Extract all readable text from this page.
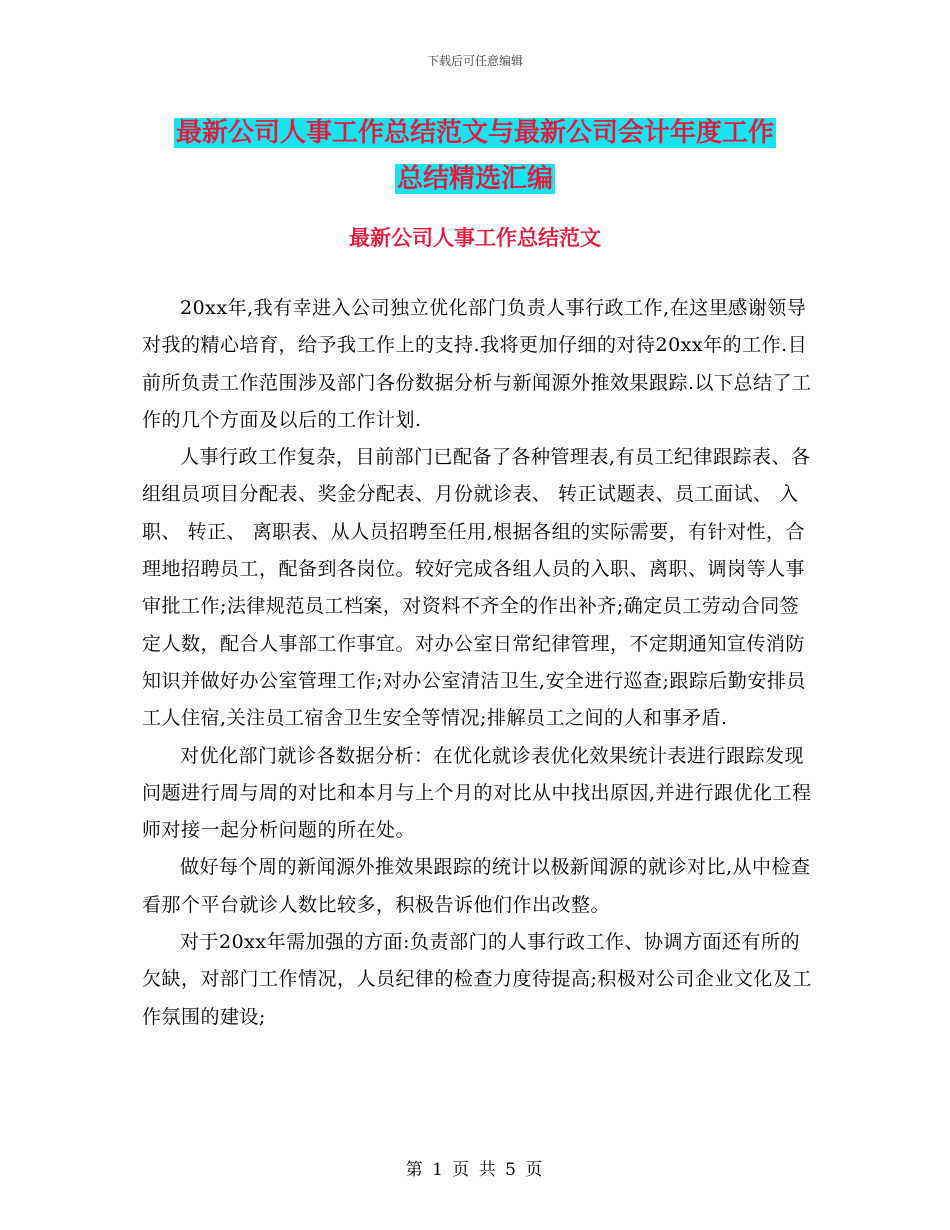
下载后可任意编辑
最新公司人事工作总结范文与最新公司会计年度工作
总结精选汇编
最新公司人事工作总结范文

20xx年,我有幸进入公司独立优化部门负责人事行政工作,在这里感谢领导对我的精心培育，给予我工作上的支持.我将更加仔细的对待20xx年的工作.目前所负责工作范围涉及部门各份数据分析与新闻源外推效果跟踪.以下总结了工作的几个方面及以后的工作计划.

人事行政工作复杂，目前部门已配备了各种管理表,有员工纪律跟踪表、各组组员项目分配表、奖金分配表、月份就诊表、 转正试题表、员工面试、 入职、 转正、 离职表、从人员招聘至任用,根据各组的实际需要，有针对性，合理地招聘员工，配备到各岗位。较好完成各组人员的入职、离职、调岗等人事审批工作;法律规范员工档案，对资料不齐全的作出补齐;确定员工劳动合同签定人数，配合人事部工作事宜。对办公室日常纪律管理，不定期通知宣传消防知识并做好办公室管理工作;对办公室清洁卫生,安全进行巡查;跟踪后勤安排员工人住宿,关注员工宿舍卫生安全等情况;排解员工之间的人和事矛盾.

对优化部门就诊各数据分析：在优化就诊表优化效果统计表进行跟踪发现问题进行周与周的对比和本月与上个月的对比从中找出原因,并进行跟优化工程师对接一起分析问题的所在处。

做好每个周的新闻源外推效果跟踪的统计以极新闻源的就诊对比,从中检查看那个平台就诊人数比较多，积极告诉他们作出改整。

对于20xx年需加强的方面:负责部门的人事行政工作、协调方面还有所的欠缺，对部门工作情况，人员纪律的检查力度待提高;积极对公司企业文化及工作氛围的建设;

第 1 页 共 5 页
